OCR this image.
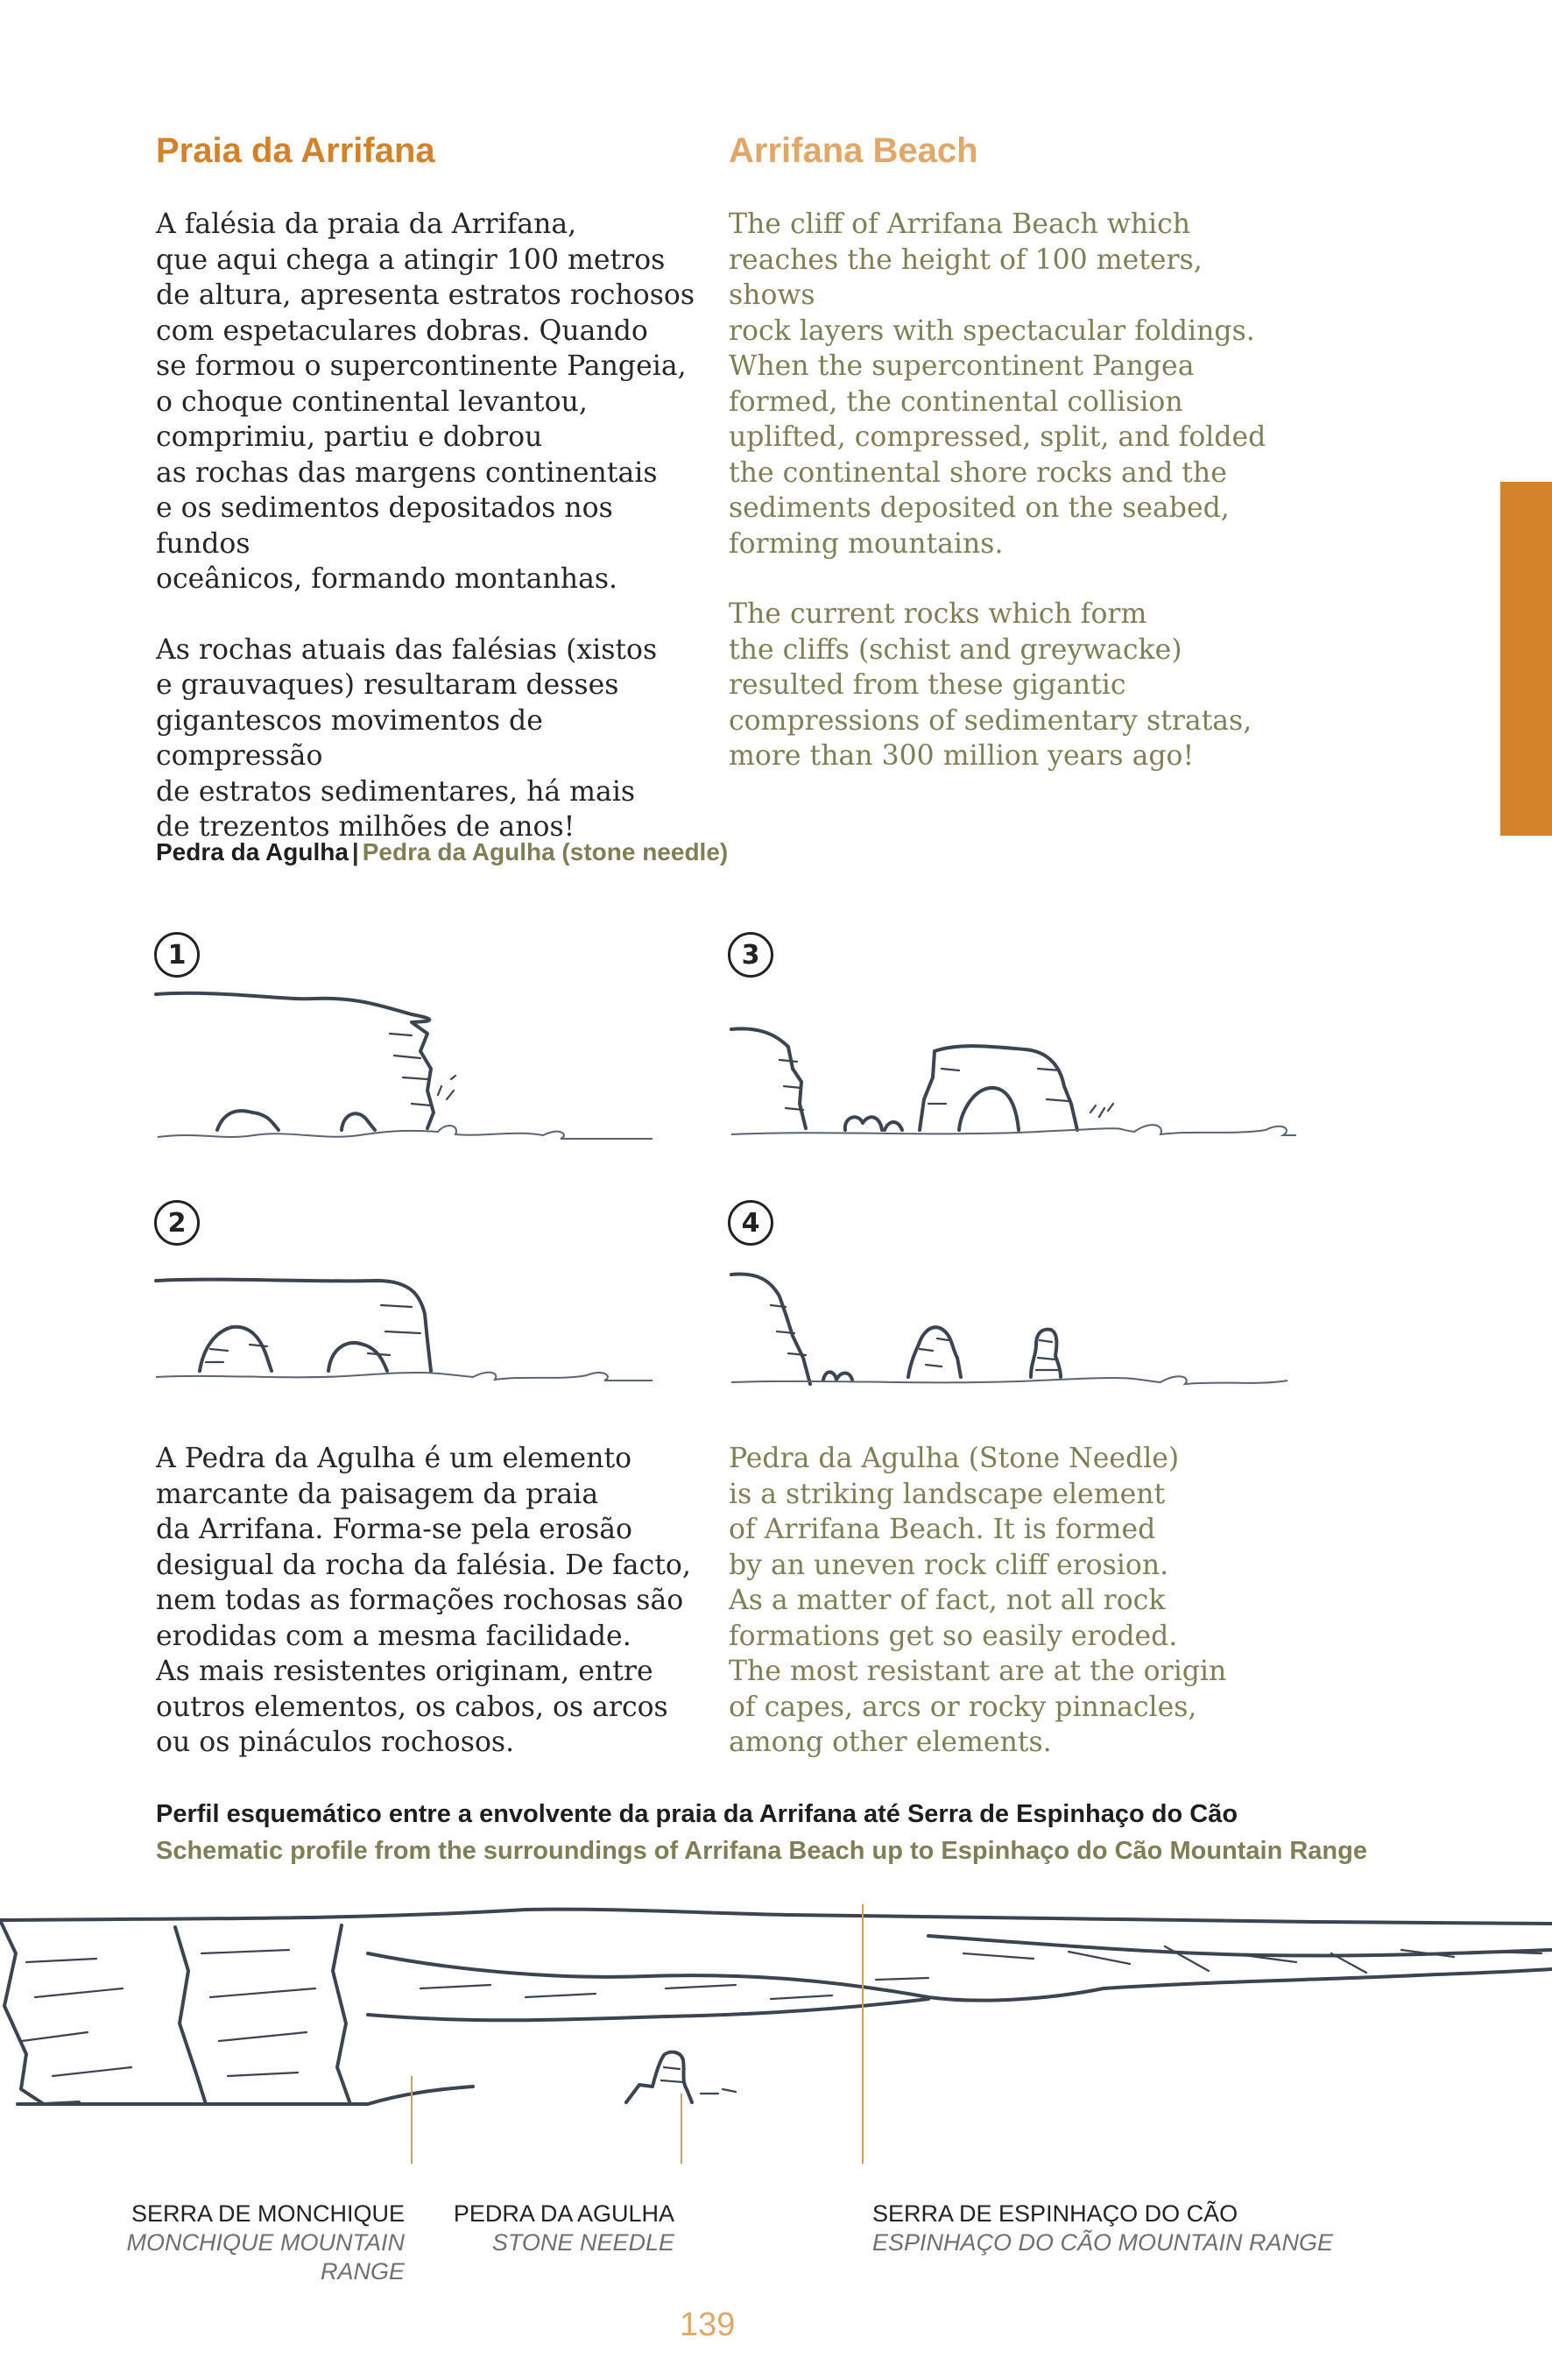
Praia da Arrifana

A falésia da praia da Arrifana,
que aqui chega a atingir 100 metros
de altura, apresenta estratos rochosos
com espetaculares dobras. Quando
se formou o supercontinente Pangeia,
o choque continental levantou,
comprimiu, partiu e dobrou
as rochas das margens continentais
e os sedimentos depositados nos fundos
oceânicos, formando montanhas.

As rochas atuais das falésias (xistos
e grauvaques) resultaram desses
gigantescos movimentos de compressão
de estratos sedimentares, há mais
de trezentos milhões de anos!

Arrifana Beach

The cliff of Arrifana Beach which
reaches the height of 100 meters, shows
rock layers with spectacular foldings.
When the supercontinent Pangea
formed, the continental collision
uplifted, compressed, split, and folded
the continental shore rocks and the
sediments deposited on the seabed,
forming mountains.

The current rocks which form
the cliffs (schist and greywacke)
resulted from these gigantic
compressions of sedimentary stratas,
more than 300 million years ago!

Pedra da Agulha | Pedra da Agulha (stone needle)
1
2
3
4

A Pedra da Agulha é um elemento
marcante da paisagem da praia
da Arrifana. Forma-se pela erosão
desigual da rocha da falésia. De facto,
nem todas as formações rochosas são
erodidas com a mesma facilidade.
As mais resistentes originam, entre
outros elementos, os cabos, os arcos
ou os pináculos rochosos.

Pedra da Agulha (Stone Needle)
is a striking landscape element
of Arrifana Beach. It is formed
by an uneven rock cliff erosion.
As a matter of fact, not all rock
formations get so easily eroded.
The most resistant are at the origin
of capes, arcs or rocky pinnacles,
among other elements.

Perfil esquemático entre a envolvente da praia da Arrifana até Serra de Espinhaço do Cão
Schematic profile from the surroundings of Arrifana Beach up to Espinhaço do Cão Mountain Range
SERRA DE MONCHIQUE
MONCHIQUE MOUNTAIN RANGE
PEDRA DA AGULHA
STONE NEEDLE
SERRA DE ESPINHAÇO DO CÃO
ESPINHAÇO DO CÃO MOUNTAIN RANGE
139
